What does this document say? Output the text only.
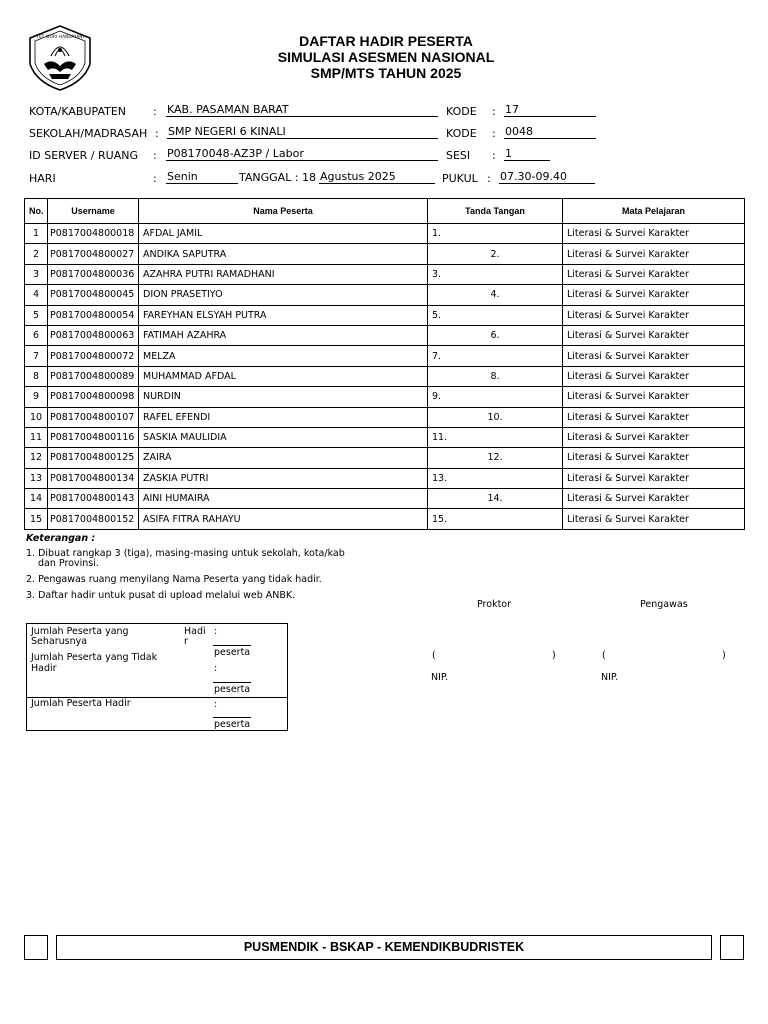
TUT WURI HANDAYANI	DAFTAR HADIR PESERTA
SIMULASI ASESMEN NASIONAL
SMP/MTS TAHUN 2025
KOTA/KABUPATEN : KAB. PASAMAN BARAT	KODE : 17
SEKOLAH/MADRASAH : SMP NEGERI 6 KINALI	KODE : 0048
ID SERVER / RUANG : P08170048-AZ3P / Labor	SESI : 1
HARI	: Senin	TANGGAL : 18 Agustus 2025	PUKUL : 07.30-09.40
No.	Username	Nama Peserta	Tanda Tangan	Mata Pelajaran
1	P0817004800018	AFDAL JAMIL	1.	Literasi & Survei Karakter
2	P0817004800027	ANDIKA SAPUTRA	2.	Literasi & Survei Karakter
3	P0817004800036	AZAHRA PUTRI RAMADHANI	3.	Literasi & Survei Karakter
4	P0817004800045	DION PRASETIYO	4.	Literasi & Survei Karakter
5	P0817004800054	FAREYHAN ELSYAH PUTRA	5.	Literasi & Survei Karakter
6	P0817004800063	FATIMAH AZAHRA	6.	Literasi & Survei Karakter
7	P0817004800072	MELZA	7.	Literasi & Survei Karakter
8	P0817004800089	MUHAMMAD AFDAL	8.	Literasi & Survei Karakter
9	P0817004800098	NURDIN	9.	Literasi & Survei Karakter
10	P0817004800107	RAFEL EFENDI	10.	Literasi & Survei Karakter
11	P0817004800116	SASKIA MAULIDIA	11.	Literasi & Survei Karakter
12	P0817004800125	ZAIRA	12.	Literasi & Survei Karakter
13	P0817004800134	ZASKIA PUTRI	13.	Literasi & Survei Karakter
14	P0817004800143	AINI HUMAIRA	14.	Literasi & Survei Karakter
15	P0817004800152	ASIFA FITRA RAHAYU	15.	Literasi & Survei Karakter
Keterangan :
1. Dibuat rangkap 3 (tiga), masing-masing untuk sekolah, kota/kab
dan Provinsi.
2. Pengawas ruang menyilang Nama Peserta yang tidak hadir.
3. Daftar hadir untuk pusat di upload melalui web ANBK.
Jumlah Peserta yang
Seharusnya
Hadi
r
:
peserta
Jumlah Peserta yang Tidak
Hadir	:
peserta
Jumlah Peserta Hadir	:
peserta
Proktor	Pengawas
(	)	(	)
NIP.	NIP.
PUSMENDIK - BSKAP - KEMENDIKBUDRISTEK
